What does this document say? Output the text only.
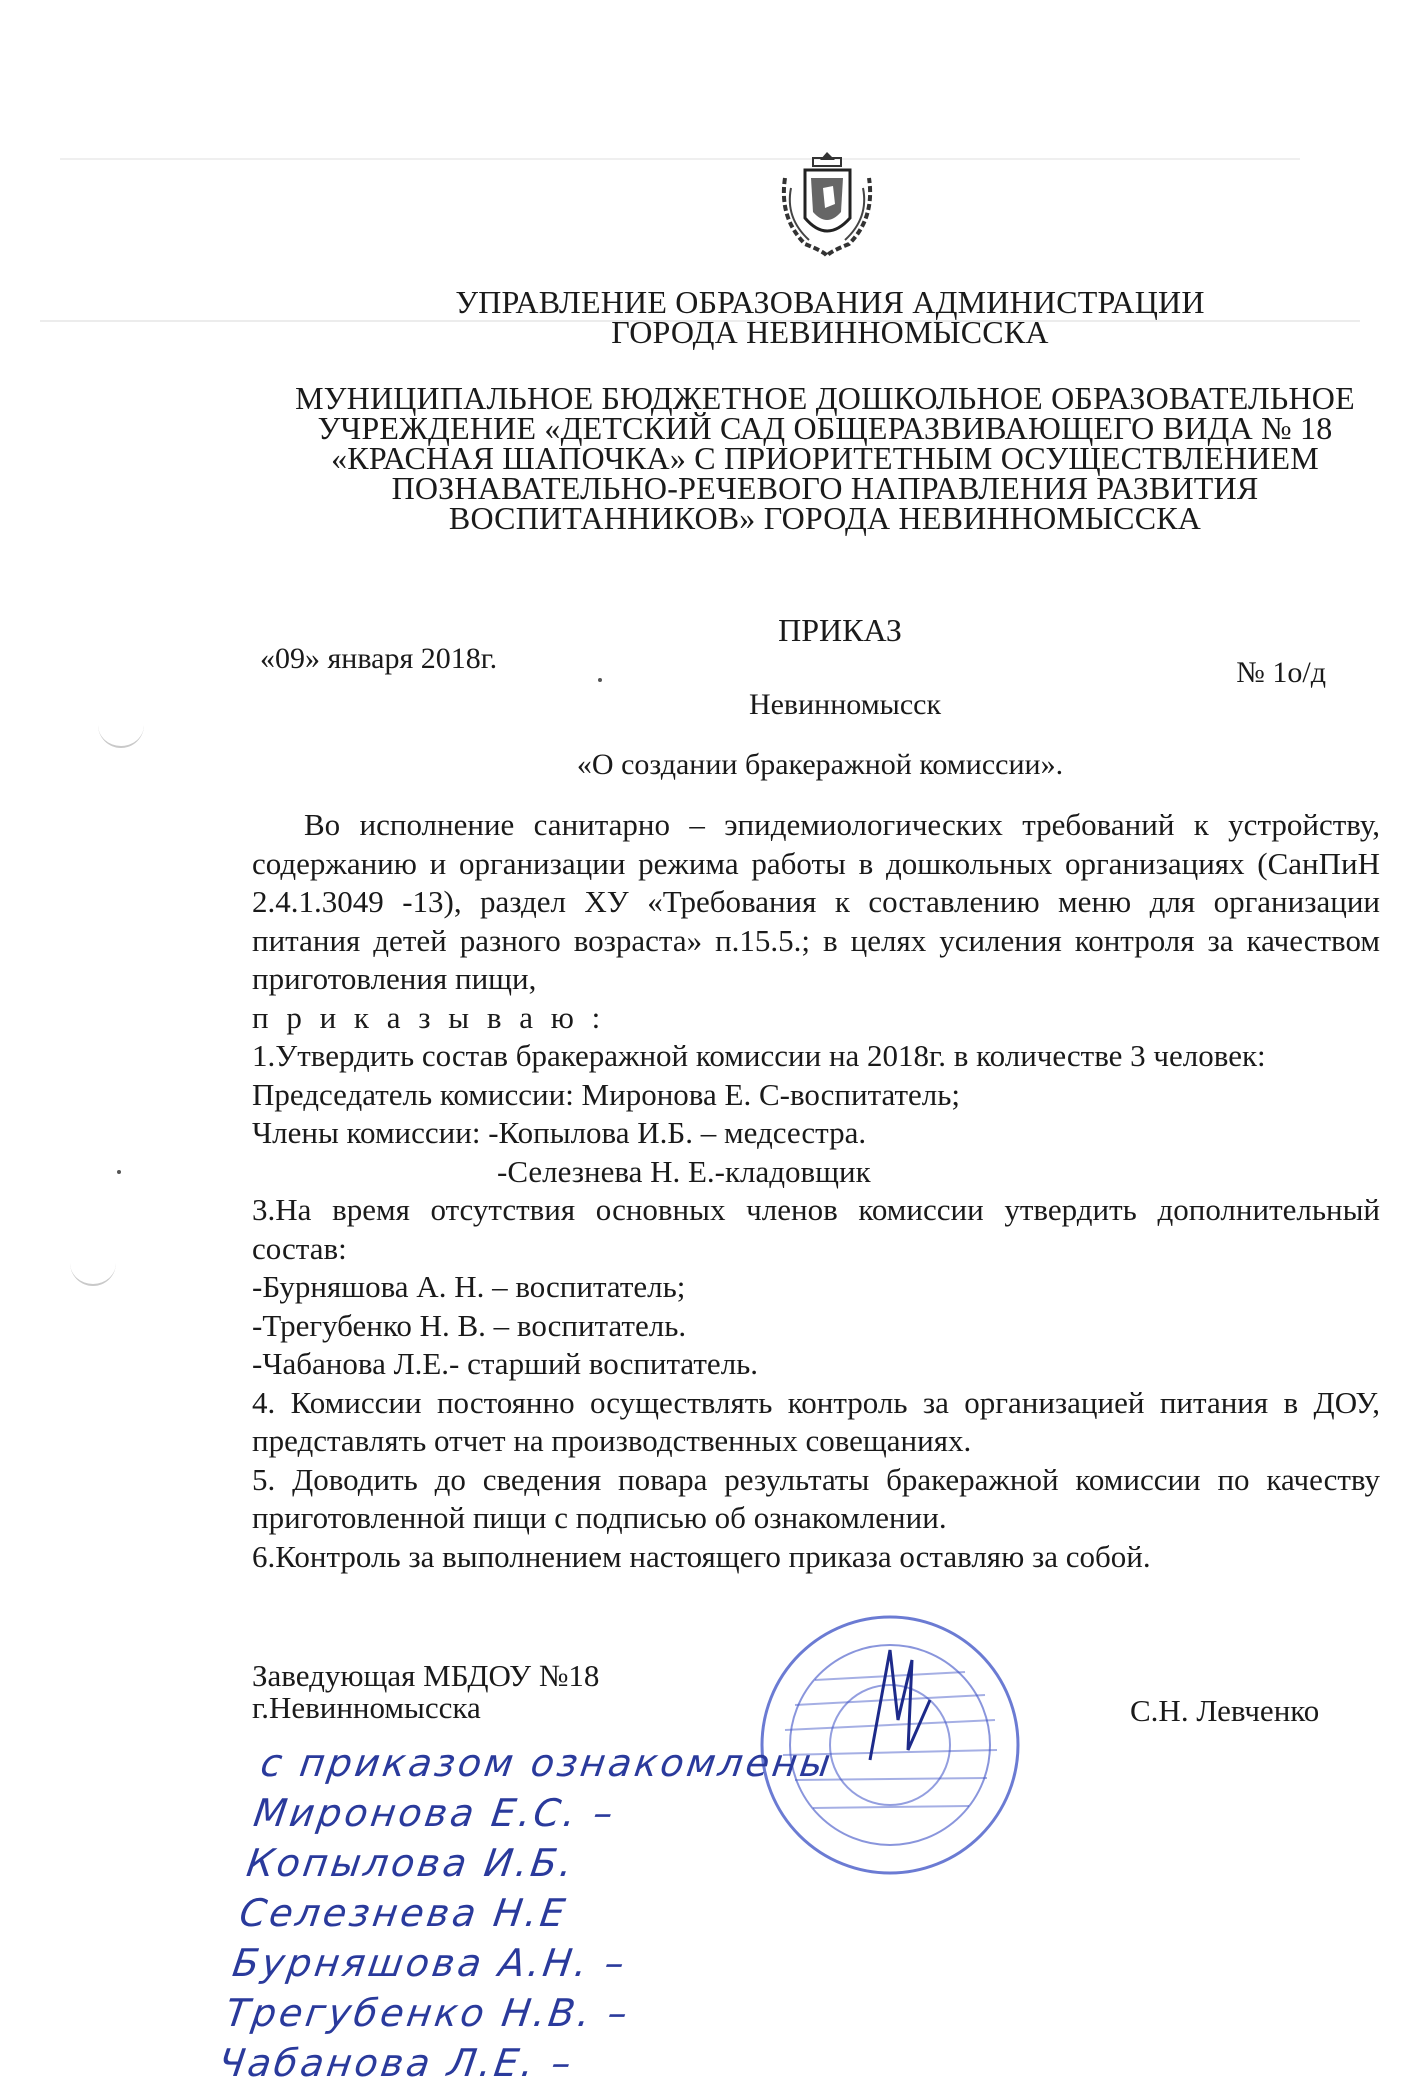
УПРАВЛЕНИЕ ОБРАЗОВАНИЯ АДМИНИСТРАЦИИ
ГОРОДА НЕВИННОМЫССКА
МУНИЦИПАЛЬНОЕ БЮДЖЕТНОЕ ДОШКОЛЬНОЕ ОБРАЗОВАТЕЛЬНОЕ
УЧРЕЖДЕНИЕ «ДЕТСКИЙ САД ОБЩЕРАЗВИВАЮЩЕГО ВИДА № 18
«КРАСНАЯ ШАПОЧКА» С ПРИОРИТЕТНЫМ ОСУЩЕСТВЛЕНИЕМ
ПОЗНАВАТЕЛЬНО-РЕЧЕВОГО НАПРАВЛЕНИЯ РАЗВИТИЯ
ВОСПИТАННИКОВ» ГОРОДА НЕВИННОМЫССКА
ПРИКАЗ
«09» января 2018г.	№ 1о/д
Невинномысск
«О создании бракеражной комиссии».

Во исполнение санитарно – эпидемиологических требований к устройству, содержанию и организации режима работы в дошкольных организациях (СанПиН 2.4.1.3049 -13), раздел ХУ «Требования к составлению меню для организации питания детей разного возраста» п.15.5.; в целях усиления контроля за качеством приготовления пищи,

п р и к а з ы в а ю :

1.Утвердить состав бракеражной комиссии на 2018г. в количестве 3 человек:

Председатель комиссии: Миронова Е. С-воспитатель;

Члены комиссии: -Копылова И.Б. – медсестра.

-Селезнева Н. Е.-кладовщик

3.На время отсутствия основных членов комиссии утвердить дополнительный состав:

-Бурняшова А. Н. – воспитатель;

-Трегубенко Н. В. – воспитатель.

-Чабанова Л.Е.- старший воспитатель.

4. Комиссии постоянно осуществлять контроль за организацией питания в ДОУ, представлять отчет на производственных совещаниях.

5. Доводить до сведения повара результаты бракеражной комиссии по качеству приготовленной пищи с подписью об ознакомлении.

6.Контроль за выполнением настоящего приказа оставляю за собой.

Заведующая МБДОУ №18
г.Невинномысска	С.Н. Левченко
с приказом ознакомлены
Миронова Е.С. –
Копылова И.Б.
Селезнева Н.Е
Бурняшова А.Н. –
Трегубенко Н.В. –
Чабанова Л.Е. –
